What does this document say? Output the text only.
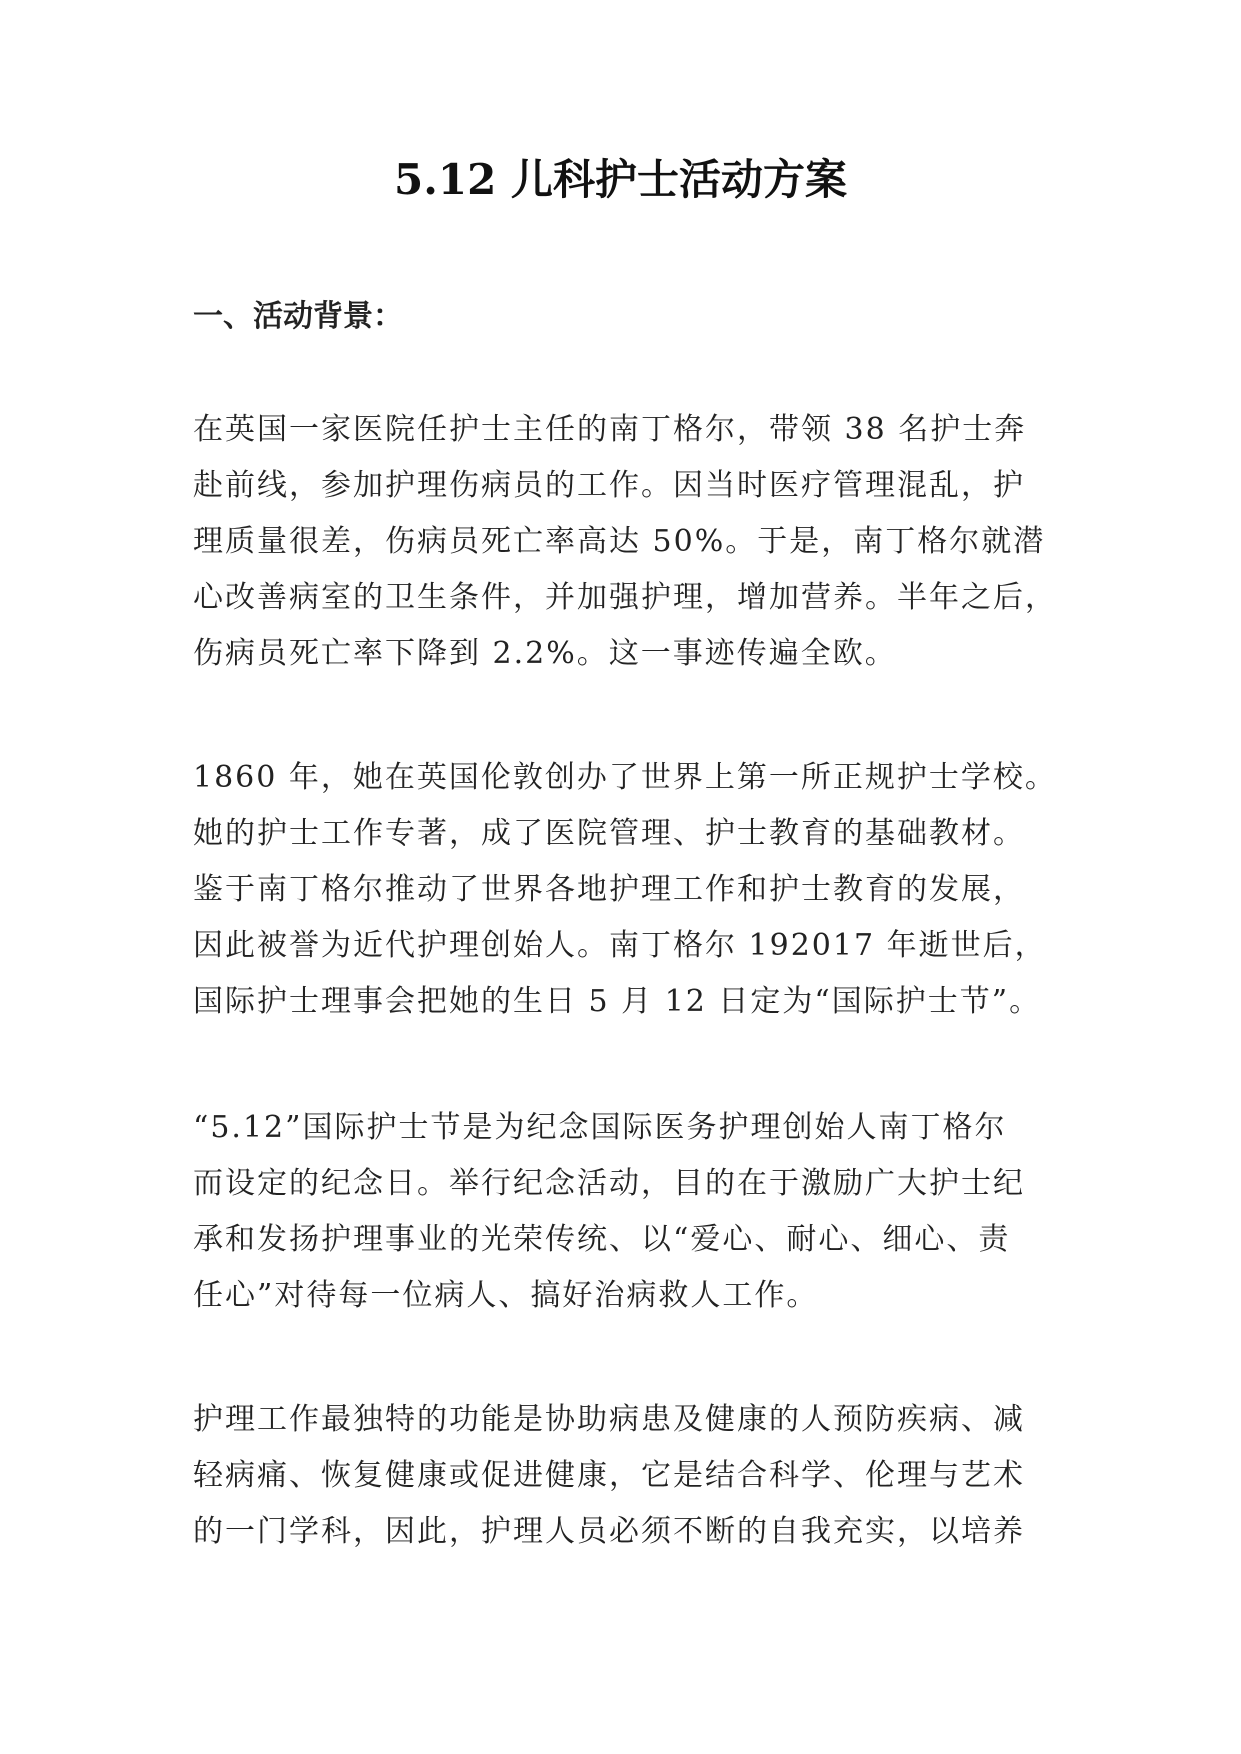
5.12 儿科护士活动方案
一、活动背景：
在英国一家医院任护士主任的南丁格尔，带领 38 名护士奔
赴前线，参加护理伤病员的工作。因当时医疗管理混乱，护
理质量很差，伤病员死亡率高达 50%。于是，南丁格尔就潜
心改善病室的卫生条件，并加强护理，增加营养。半年之后，
伤病员死亡率下降到 2.2%。这一事迹传遍全欧。
1860 年，她在英国伦敦创办了世界上第一所正规护士学校。
她的护士工作专著，成了医院管理、护士教育的基础教材。
鉴于南丁格尔推动了世界各地护理工作和护士教育的发展，
因此被誉为近代护理创始人。南丁格尔 192017 年逝世后，
国际护士理事会把她的生日 5 月 12 日定为“国际护士节”。
“5.12”国际护士节是为纪念国际医务护理创始人南丁格尔
而设定的纪念日。举行纪念活动，目的在于激励广大护士纪
承和发扬护理事业的光荣传统、以“爱心、耐心、细心、责
任心”对待每一位病人、搞好治病救人工作。
护理工作最独特的功能是协助病患及健康的人预防疾病、减
轻病痛、恢复健康或促进健康，它是结合科学、伦理与艺术
的一门学科，因此，护理人员必须不断的自我充实，以培养
